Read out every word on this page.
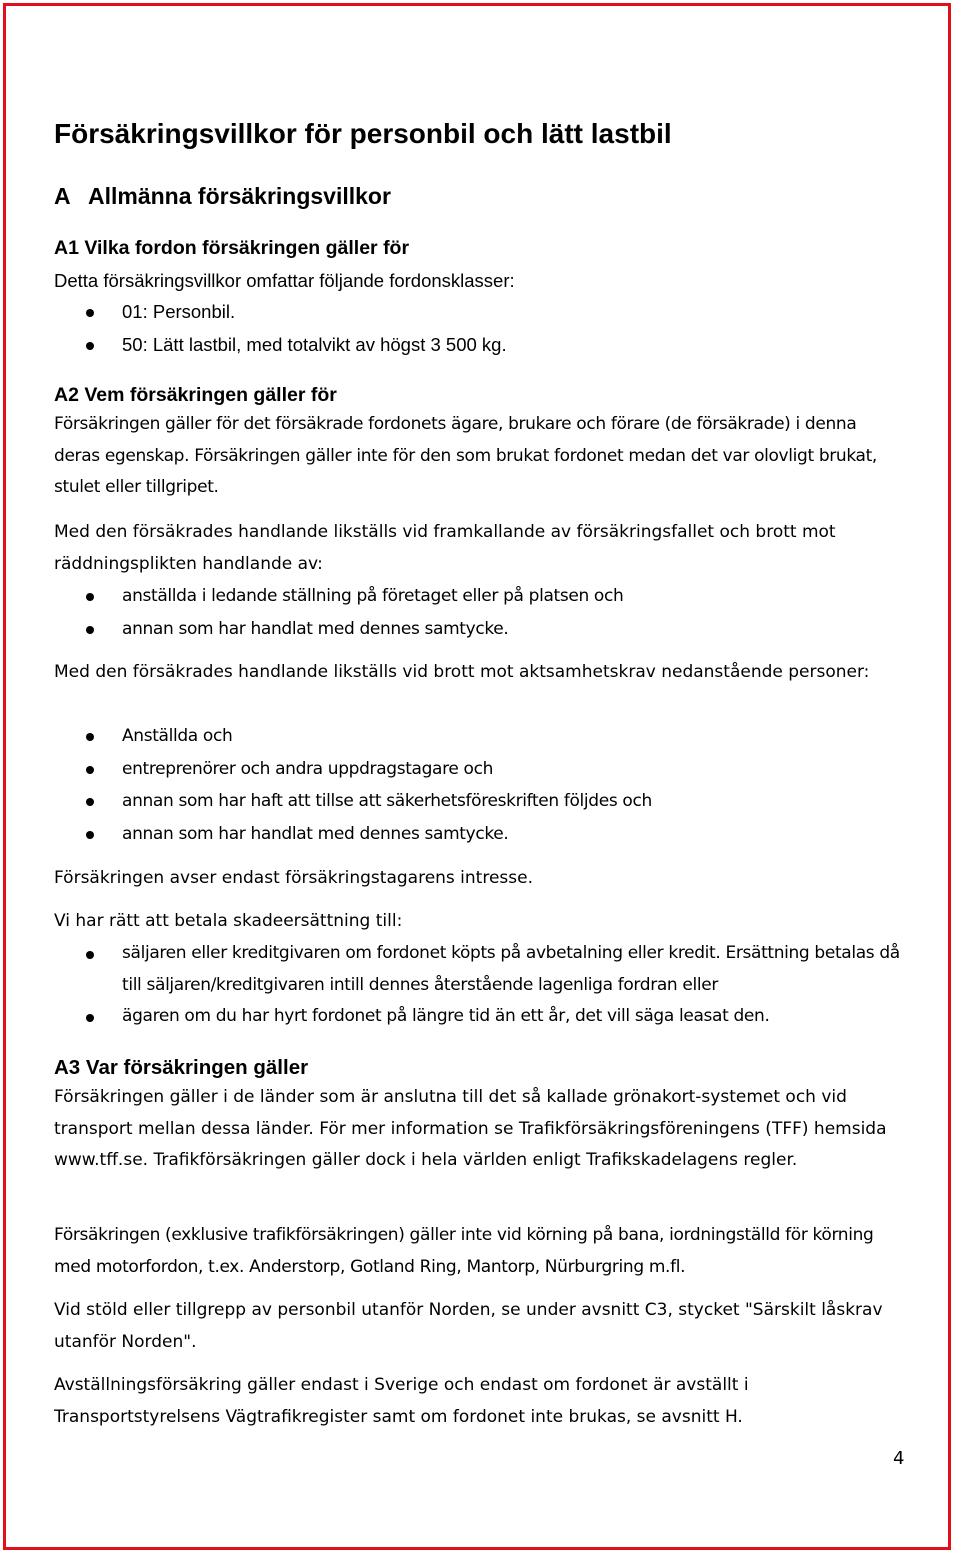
Försäkringsvillkor för personbil och lätt lastbil
A Allmänna försäkringsvillkor
A1 Vilka fordon försäkringen gäller för

Detta försäkringsvillkor omfattar följande fordonsklasser:

01: Personbil.
50: Lätt lastbil, med totalvikt av högst 3 500 kg.
A2 Vem försäkringen gäller för

Försäkringen gäller för det försäkrade fordonets ägare, brukare och förare (de försäkrade) i denna deras egenskap. Försäkringen gäller inte för den som brukat fordonet medan det var olovligt brukat, stulet eller tillgripet.

Med den försäkrades handlande likställs vid framkallande av försäkringsfallet och brott mot räddningsplikten handlande av:

anställda i ledande ställning på företaget eller på platsen och
annan som har handlat med dennes samtycke.

Med den försäkrades handlande likställs vid brott mot aktsamhetskrav nedanstående personer:

Anställda och
entreprenörer och andra uppdragstagare och
annan som har haft att tillse att säkerhetsföreskriften följdes och
annan som har handlat med dennes samtycke.

Försäkringen avser endast försäkringstagarens intresse.

Vi har rätt att betala skadeersättning till:

säljaren eller kreditgivaren om fordonet köpts på avbetalning eller kredit. Ersättning betalas då till säljaren/kreditgivaren intill dennes återstående lagenliga fordran eller
ägaren om du har hyrt fordonet på längre tid än ett år, det vill säga leasat den.
A3 Var försäkringen gäller

Försäkringen gäller i de länder som är anslutna till det så kallade grönakort-systemet och vid transport mellan dessa länder. För mer information se Trafikförsäkringsföreningens (TFF) hemsida www.tff.se. Trafikförsäkringen gäller dock i hela världen enligt Trafikskadelagens regler.

Försäkringen (exklusive trafikförsäkringen) gäller inte vid körning på bana, iordningställd för körning med motorfordon, t.ex. Anderstorp, Gotland Ring, Mantorp, Nürburgring m.fl.

Vid stöld eller tillgrepp av personbil utanför Norden, se under avsnitt C3, stycket "Särskilt låskrav utanför Norden".

Avställningsförsäkring gäller endast i Sverige och endast om fordonet är avställt i Transportstyrelsens Vägtrafikregister samt om fordonet inte brukas, se avsnitt H.

4
